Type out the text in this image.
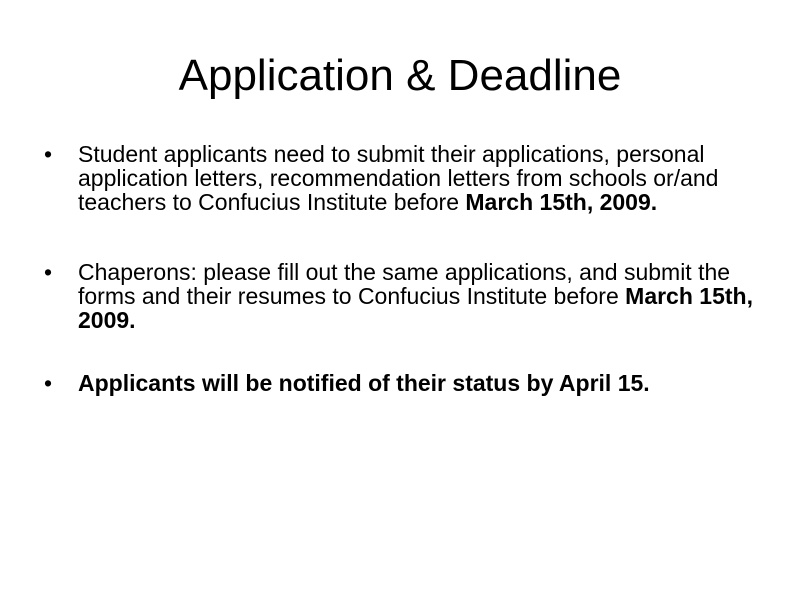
Application & Deadline
•	Student applicants need to submit their applications, personal application letters, recommendation letters from schools or/and teachers to Confucius Institute before March 15th, 2009.
•	Chaperons: please fill out the same applications, and submit the forms and their resumes to Confucius Institute before March 15th, 2009.
•	Applicants will be notified of their status by April 15.
